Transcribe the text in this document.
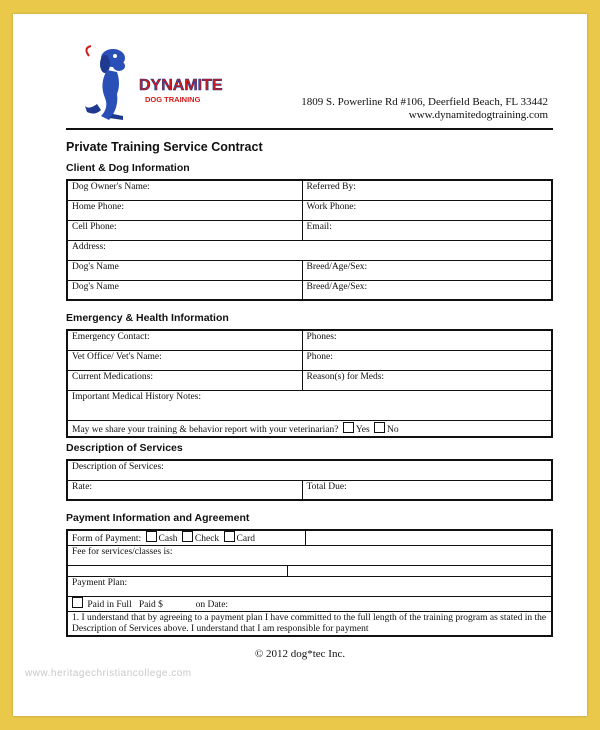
DYNAMITE
DOG TRAINING	1809 S. Powerline Rd #106, Deerfield Beach, FL 33442
www.dynamitedogtraining.com
Private Training Service Contract
Client & Dog Information
Dog Owner's Name:	Referred By:
Home Phone:	Work Phone:
Cell Phone:	Email:
Address:	
Dog's Name	Breed/Age/Sex:
Dog's Name	Breed/Age/Sex:
Emergency & Health Information
Emergency Contact:	Phones:
Vet Office/ Vet's Name:	Phone:
Current Medications:	Reason(s) for Meds:
Important Medical History Notes:	
May we share your training & behavior report with your veterinarian? Yes No	
Description of Services
Description of Services:
Rate:	Total Due:
Payment Information and Agreement
Form of Payment: Cash Check Card		
Fee for services/classes is:		

Payment Plan:		
Paid in Full Paid $ on Date:		
1. I understand that by agreeing to a payment plan I have committed to the full length of the training program as stated in the Description of Services above. I understand that I am responsible for payment		
© 2012 dog*tec Inc.
www.heritagechristiancollege.com
